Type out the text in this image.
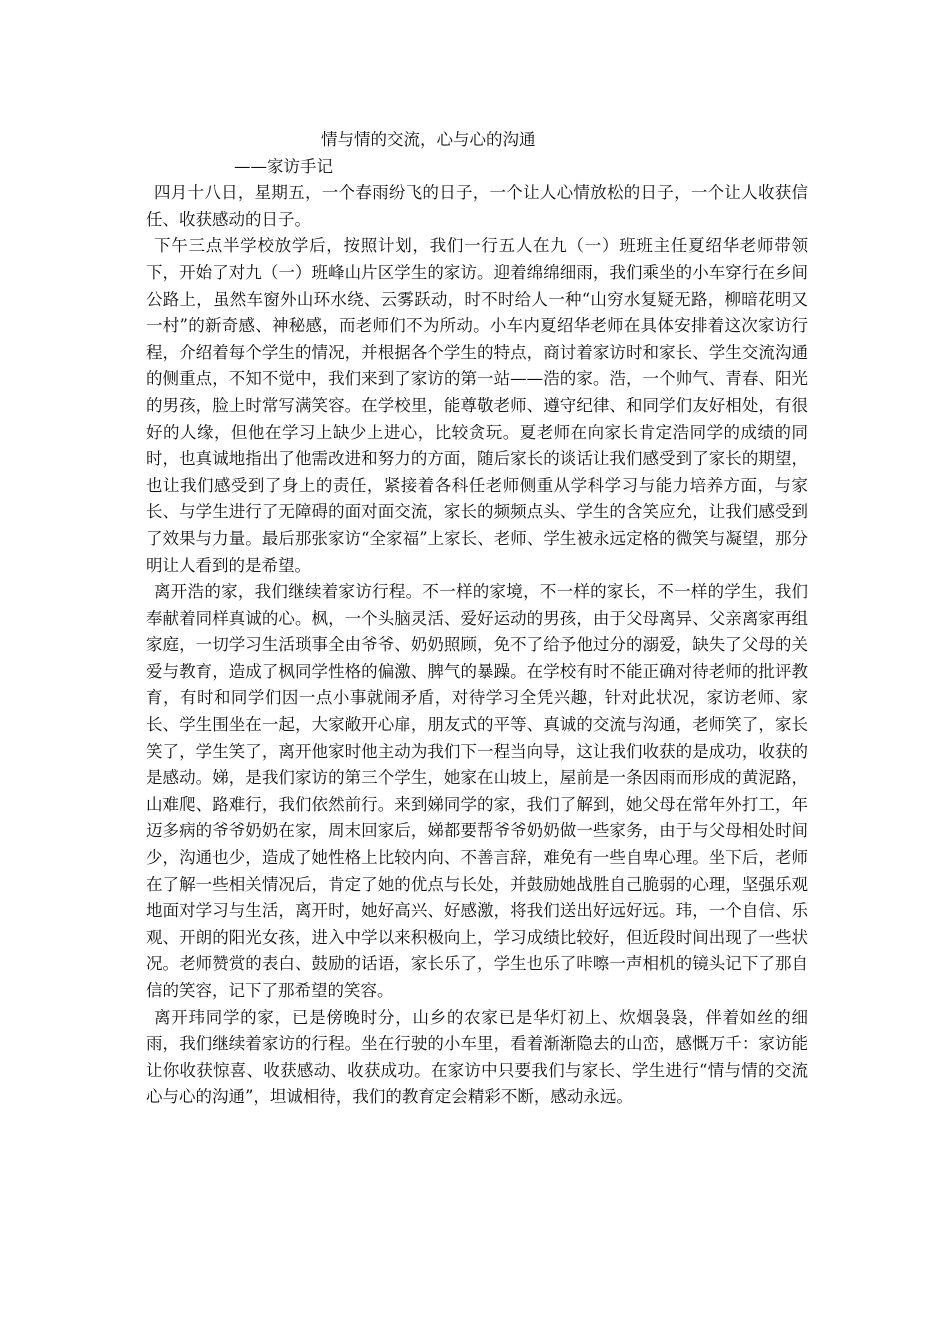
情与情的交流，心与心的沟通

——家访手记

四月十八日，星期五，一个春雨纷飞的日子，一个让人心情放松的日子，一个让人收获信任、收获感动的日子。

下午三点半学校放学后，按照计划，我们一行五人在九（一）班班主任夏绍华老师带领下，开始了对九（一）班峰山片区学生的家访。迎着绵绵细雨，我们乘坐的小车穿行在乡间公路上，虽然车窗外山环水绕、云雾跃动，时不时给人一种“山穷水复疑无路，柳暗花明又一村”的新奇感、神秘感，而老师们不为所动。小车内夏绍华老师在具体安排着这次家访行程，介绍着每个学生的情况，并根据各个学生的特点，商讨着家访时和家长、学生交流沟通的侧重点，不知不觉中，我们来到了家访的第一站——浩的家。浩，一个帅气、青春、阳光的男孩，脸上时常写满笑容。在学校里，能尊敬老师、遵守纪律、和同学们友好相处，有很好的人缘，但他在学习上缺少上进心，比较贪玩。夏老师在向家长肯定浩同学的成绩的同时，也真诚地指出了他需改进和努力的方面，随后家长的谈话让我们感受到了家长的期望，也让我们感受到了身上的责任，紧接着各科任老师侧重从学科学习与能力培养方面，与家长、与学生进行了无障碍的面对面交流，家长的频频点头、学生的含笑应允，让我们感受到了效果与力量。最后那张家访“全家福”上家长、老师、学生被永远定格的微笑与凝望，那分明让人看到的是希望。

离开浩的家，我们继续着家访行程。不一样的家境，不一样的家长，不一样的学生，我们奉献着同样真诚的心。枫，一个头脑灵活、爱好运动的男孩，由于父母离异、父亲离家再组家庭，一切学习生活琐事全由爷爷、奶奶照顾，免不了给予他过分的溺爱，缺失了父母的关爱与教育，造成了枫同学性格的偏激、脾气的暴躁。在学校有时不能正确对待老师的批评教育，有时和同学们因一点小事就闹矛盾，对待学习全凭兴趣，针对此状况，家访老师、家长、学生围坐在一起，大家敞开心扉，朋友式的平等、真诚的交流与沟通，老师笑了，家长笑了，学生笑了，离开他家时他主动为我们下一程当向导，这让我们收获的是成功，收获的是感动。娣，是我们家访的第三个学生，她家在山坡上，屋前是一条因雨而形成的黄泥路，山难爬、路难行，我们依然前行。来到娣同学的家，我们了解到，她父母在常年外打工，年迈多病的爷爷奶奶在家，周末回家后，娣都要帮爷爷奶奶做一些家务，由于与父母相处时间少，沟通也少，造成了她性格上比较内向、不善言辞，难免有一些自卑心理。坐下后，老师在了解一些相关情况后，肯定了她的优点与长处，并鼓励她战胜自己脆弱的心理，坚强乐观地面对学习与生活，离开时，她好高兴、好感激，将我们送出好远好远。玮，一个自信、乐观、开朗的阳光女孩，进入中学以来积极向上，学习成绩比较好，但近段时间出现了一些状况。老师赞赏的表白、鼓励的话语，家长乐了，学生也乐了咔嚓一声相机的镜头记下了那自信的笑容，记下了那希望的笑容。

离开玮同学的家，已是傍晚时分，山乡的农家已是华灯初上、炊烟袅袅，伴着如丝的细雨，我们继续着家访的行程。坐在行驶的小车里，看着渐渐隐去的山峦，感慨万千：家访能让你收获惊喜、收获感动、收获成功。在家访中只要我们与家长、学生进行“情与情的交流心与心的沟通”，坦诚相待，我们的教育定会精彩不断，感动永远。
